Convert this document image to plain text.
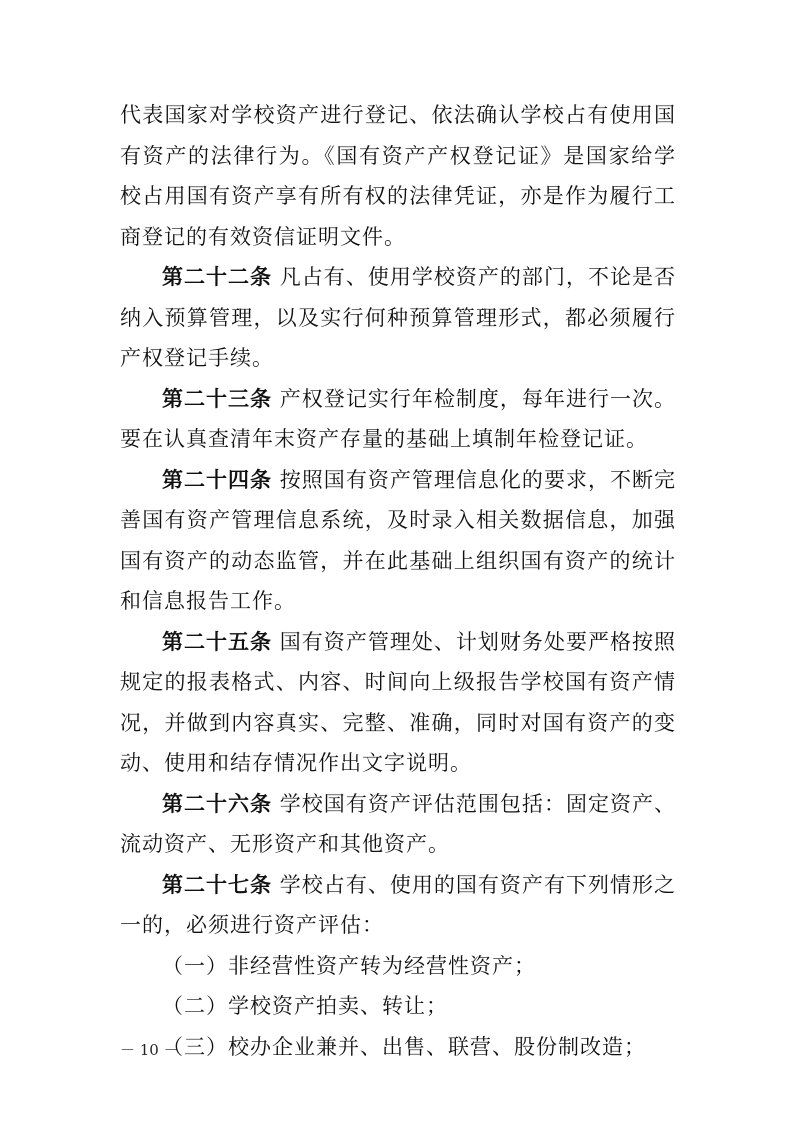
代表国家对学校资产进行登记、依法确认学校占有使用国有资产的法律行为。《国有资产产权登记证》是国家给学校占用国有资产享有所有权的法律凭证，亦是作为履行工商登记的有效资信证明文件。

第二十二条 凡占有、使用学校资产的部门，不论是否纳入预算管理，以及实行何种预算管理形式，都必须履行产权登记手续。

第二十三条 产权登记实行年检制度，每年进行一次。要在认真查清年末资产存量的基础上填制年检登记证。

第二十四条 按照国有资产管理信息化的要求，不断完善国有资产管理信息系统，及时录入相关数据信息，加强国有资产的动态监管，并在此基础上组织国有资产的统计和信息报告工作。

第二十五条 国有资产管理处、计划财务处要严格按照规定的报表格式、内容、时间向上级报告学校国有资产情况，并做到内容真实、完整、准确，同时对国有资产的变动、使用和结存情况作出文字说明。

第二十六条 学校国有资产评估范围包括：固定资产、流动资产、无形资产和其他资产。

第二十七条 学校占有、使用的国有资产有下列情形之一的，必须进行资产评估：

（一）非经营性资产转为经营性资产；

（二）学校资产拍卖、转让；

（三）校办企业兼并、出售、联营、股份制改造；

－ 10 －
